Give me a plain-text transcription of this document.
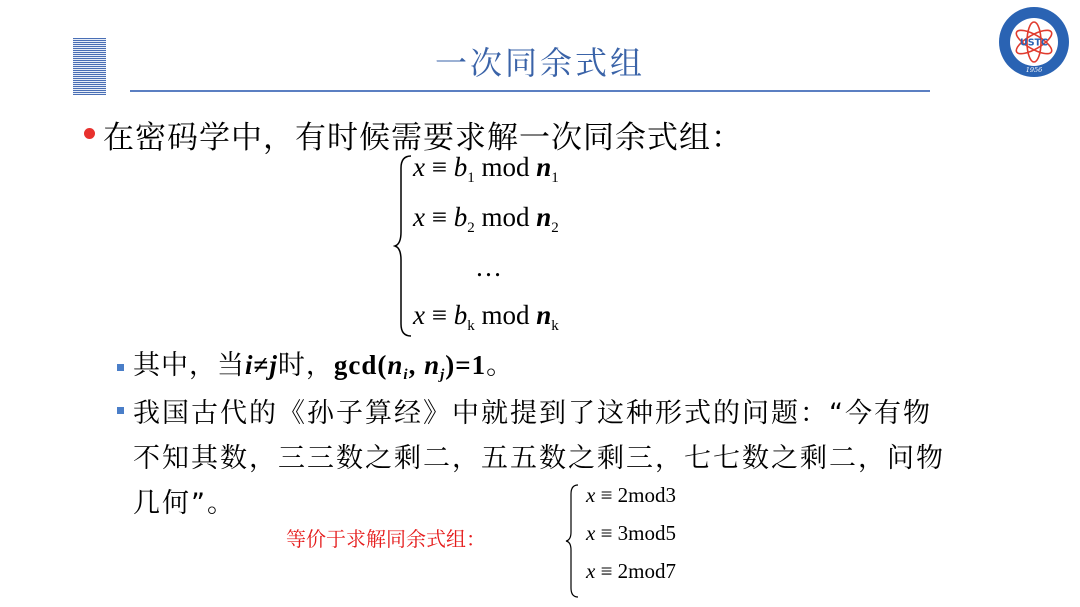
一次同余式组
USTC
1956
在密码学中，有时候需要求解一次同余式组：
$x \equiv b_1$ mod $n_1$
$x \equiv b_2$ mod $n_2$
…
$x \equiv b_k$ mod $n_k$
其中，当i≠j时，$\gcd(n_i$, $n_j)=1$。
我国古代的《孙子算经》中就提到了这种形式的问题：“今有物
不知其数，三三数之剩二，五五数之剩三，七七数之剩二，问物
几何”。
等价于求解同余式组：
x ≡ 2mod3
x ≡ 3mod5
x ≡ 2mod7
